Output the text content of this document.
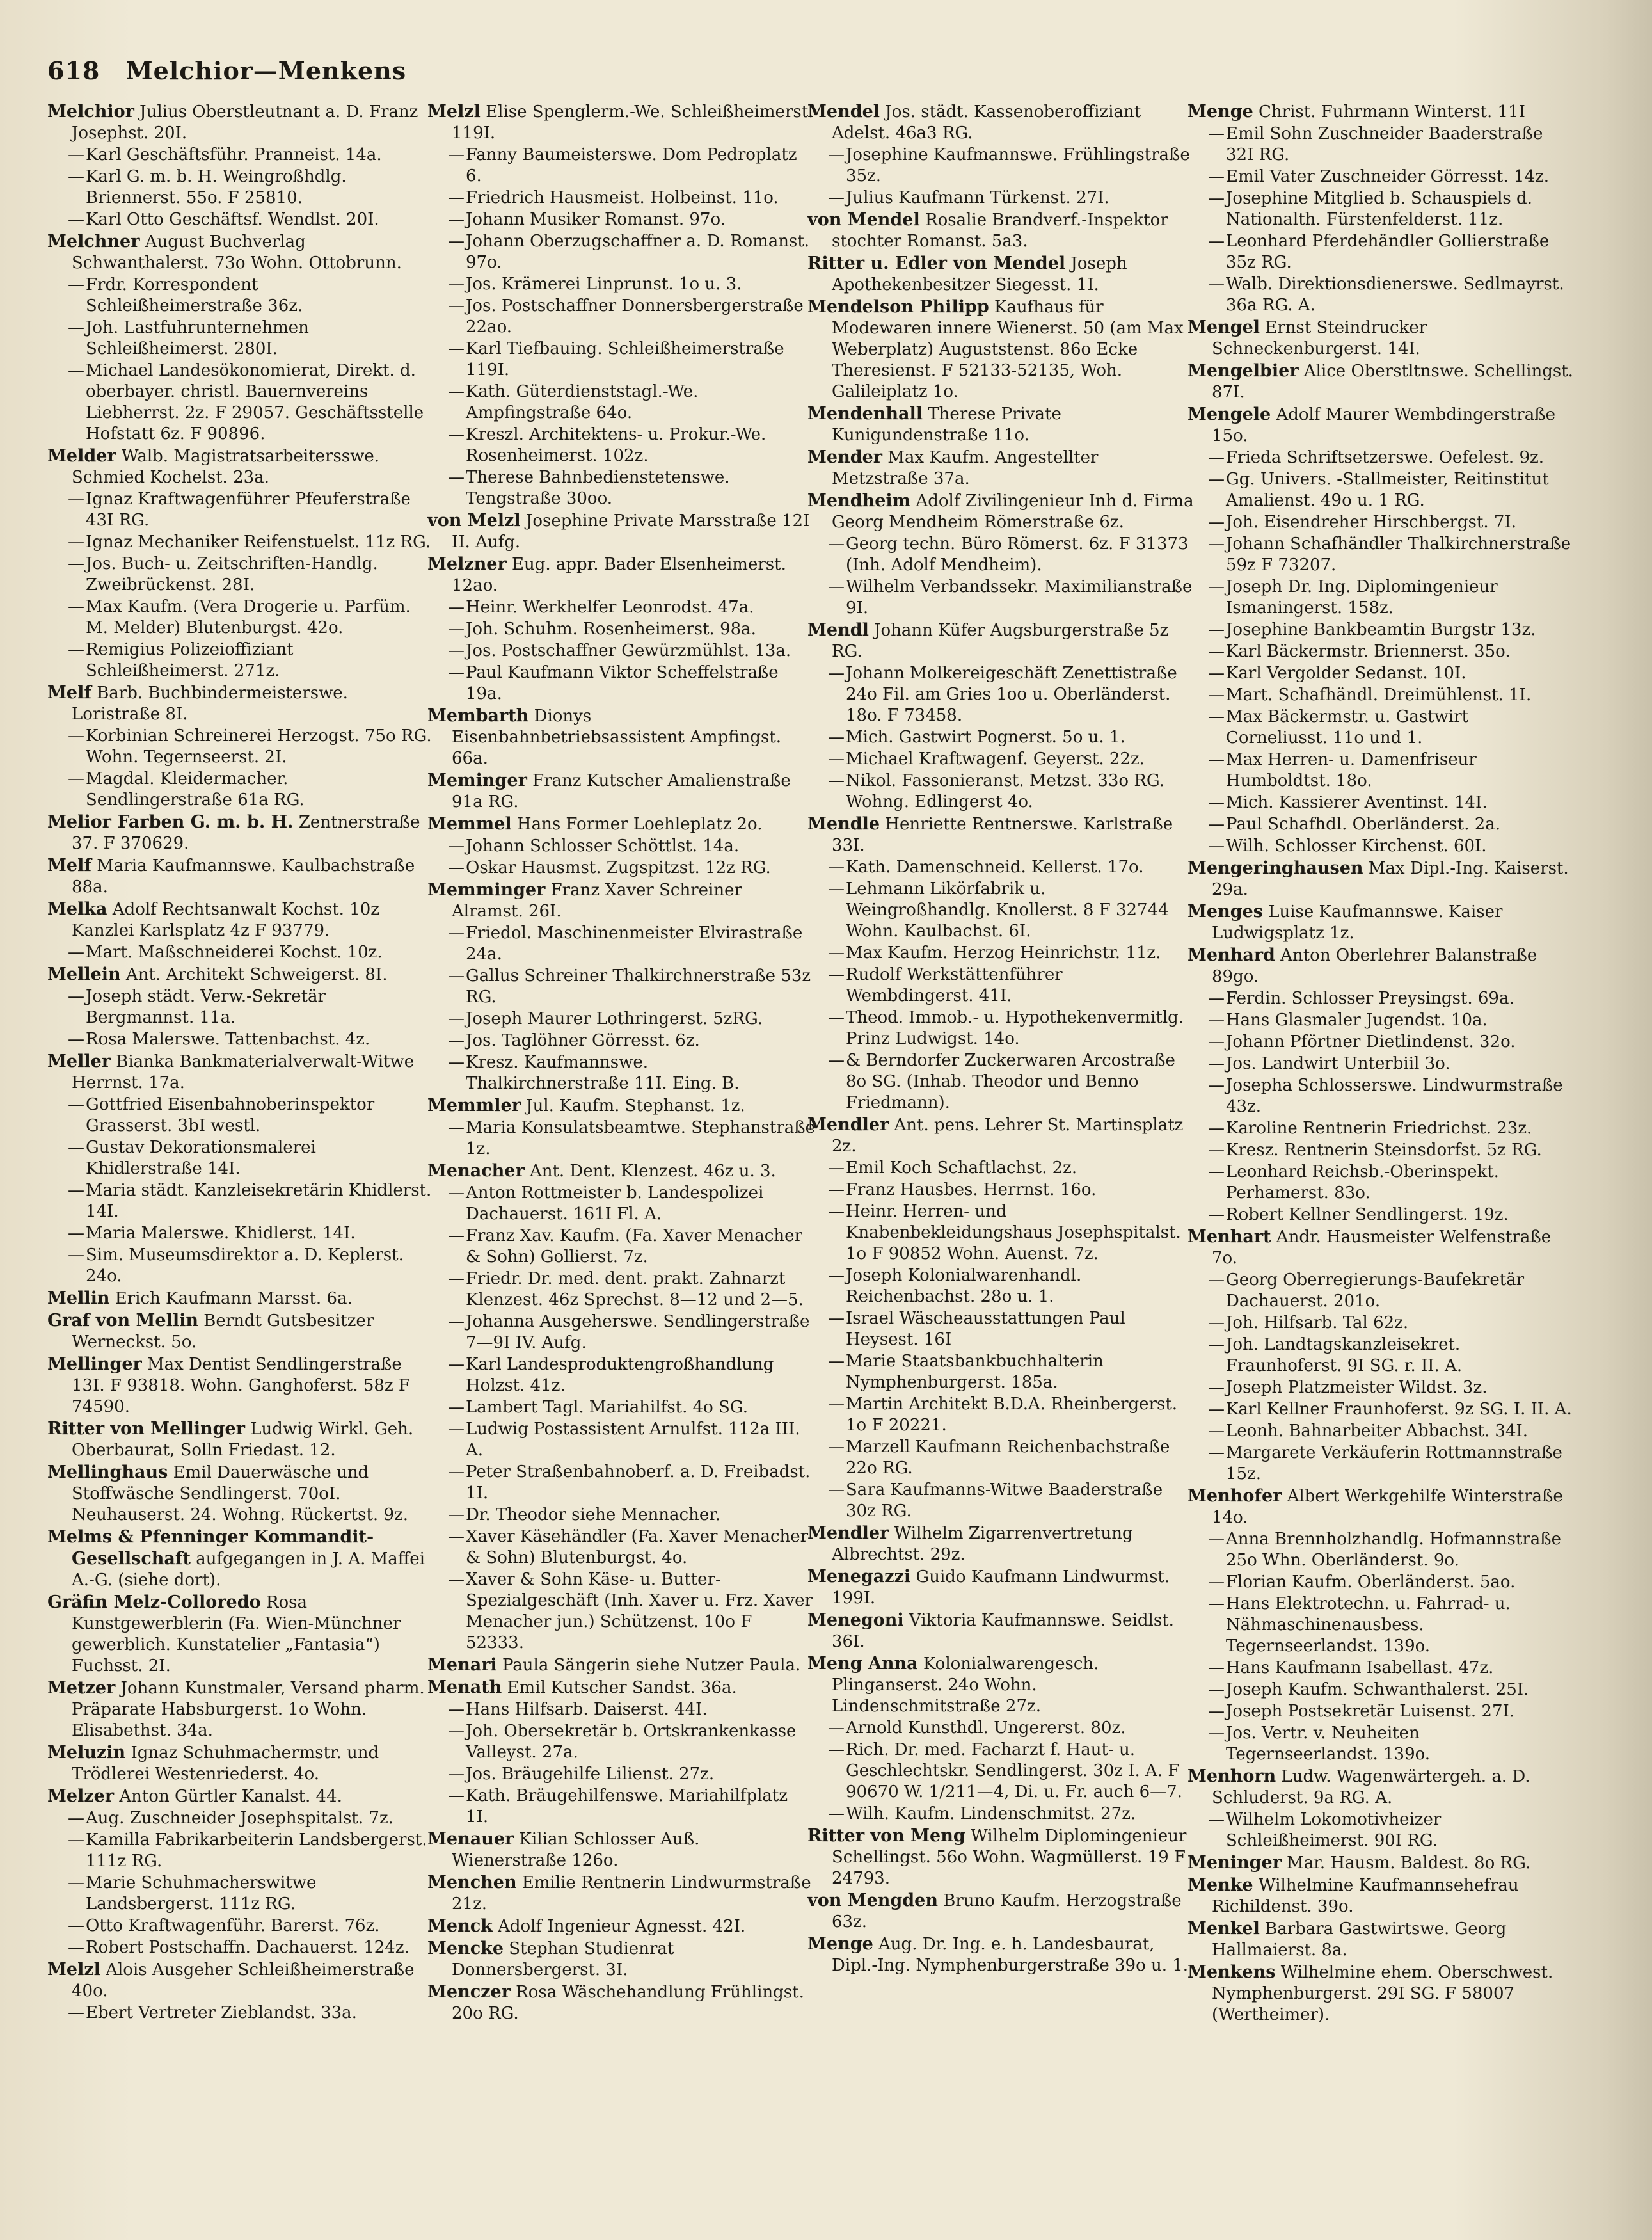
618 Melchior—Menkens
Melchior Julius Oberstleutnant a. D. Franz Josephst. 20I.
—Karl Geschäftsführ. Pranneist. 14a.
—Karl G. m. b. H. Weingroßhdlg. Briennerst. 55o. F 25810.
—Karl Otto Geschäftsf. Wendlst. 20I.
Melchner August Buchverlag Schwanthalerst. 73o Wohn. Ottobrunn.
—Frdr. Korrespondent Schleißheimerstraße 36z.
—Joh. Lastfuhrunternehmen Schleißheimerst. 280I.
—Michael Landesökonomierat, Direkt. d. oberbayer. christl. Bauernvereins Liebherrst. 2z. F 29057. Geschäftsstelle Hofstatt 6z. F 90896.
Melder Walb. Magistratsarbeitersswe. Schmied Kochelst. 23a.
—Ignaz Kraftwagenführer Pfeuferstraße 43I RG.
—Ignaz Mechaniker Reifenstuelst. 11z RG.
—Jos. Buch- u. Zeitschriften-Handlg. Zweibrückenst. 28I.
—Max Kaufm. (Vera Drogerie u. Parfüm. M. Melder) Blutenburgst. 42o.
—Remigius Polizeioffiziant Schleißheimerst. 271z.
Melf Barb. Buchbindermeisterswe. Loristraße 8I.
—Korbinian Schreinerei Herzogst. 75o RG. Wohn. Tegernseerst. 2I.
—Magdal. Kleidermacher. Sendlingerstraße 61a RG.
Melior Farben G. m. b. H. Zentnerstraße 37. F 370629.
Melf Maria Kaufmannswe. Kaulbachstraße 88a.
Melka Adolf Rechtsanwalt Kochst. 10z Kanzlei Karlsplatz 4z F 93779.
—Mart. Maßschneiderei Kochst. 10z.
Mellein Ant. Architekt Schweigerst. 8I.
—Joseph städt. Verw.-Sekretär Bergmannst. 11a.
—Rosa Malerswe. Tattenbachst. 4z.
Meller Bianka Bankmaterialverwalt-Witwe Herrnst. 17a.
—Gottfried Eisenbahnoberinspektor Grasserst. 3bI westl.
—Gustav Dekorationsmalerei Khidlerstraße 14I.
—Maria städt. Kanzleisekretärin Khidlerst. 14I.
—Maria Malerswe. Khidlerst. 14I.
—Sim. Museumsdirektor a. D. Keplerst. 24o.
Mellin Erich Kaufmann Marsst. 6a.
Graf von Mellin Berndt Gutsbesitzer Werneckst. 5o.
Mellinger Max Dentist Sendlingerstraße 13I. F 93818. Wohn. Ganghoferst. 58z F 74590.
Ritter von Mellinger Ludwig Wirkl. Geh. Oberbaurat, Solln Friedast. 12.
Mellinghaus Emil Dauerwäsche und Stoffwäsche Sendlingerst. 70oI. Neuhauserst. 24. Wohng. Rückertst. 9z.
Melms & Pfenninger Kommandit-Gesellschaft aufgegangen in J. A. Maffei A.-G. (siehe dort).
Gräfin Melz-Colloredo Rosa Kunstgewerblerin (Fa. Wien-Münchner gewerblich. Kunstatelier „Fantasia“) Fuchsst. 2I.
Metzer Johann Kunstmaler, Versand pharm. Präparate Habsburgerst. 1o Wohn. Elisabethst. 34a.
Meluzin Ignaz Schuhmachermstr. und Trödlerei Westenriederst. 4o.
Melzer Anton Gürtler Kanalst. 44.
—Aug. Zuschneider Josephspitalst. 7z.
—Kamilla Fabrikarbeiterin Landsbergerst. 111z RG.
—Marie Schuhmacherswitwe Landsbergerst. 111z RG.
—Otto Kraftwagenführ. Barerst. 76z.
—Robert Postschaffn. Dachauerst. 124z.
Melzl Alois Ausgeher Schleißheimerstraße 40o.
—Ebert Vertreter Zieblandst. 33a.
Melzl Elise Spenglerm.-We. Schleißheimerst. 119I.
—Fanny Baumeisterswe. Dom Pedroplatz 6.
—Friedrich Hausmeist. Holbeinst. 11o.
—Johann Musiker Romanst. 97o.
—Johann Oberzugschaffner a. D. Romanst. 97o.
—Jos. Krämerei Linprunst. 1o u. 3.
—Jos. Postschaffner Donnersbergerstraße 22ao.
—Karl Tiefbauing. Schleißheimerstraße 119I.
—Kath. Güterdienststagl.-We. Ampfingstraße 64o.
—Kreszl. Architektens- u. Prokur.-We. Rosenheimerst. 102z.
—Therese Bahnbedienstetenswe. Tengstraße 30oo.
von Melzl Josephine Private Marsstraße 12I II. Aufg.
Melzner Eug. appr. Bader Elsenheimerst. 12ao.
—Heinr. Werkhelfer Leonrodst. 47a.
—Joh. Schuhm. Rosenheimerst. 98a.
—Jos. Postschaffner Gewürzmühlst. 13a.
—Paul Kaufmann Viktor Scheffelstraße 19a.
Membarth Dionys Eisenbahnbetriebsassistent Ampfingst. 66a.
Meminger Franz Kutscher Amalienstraße 91a RG.
Memmel Hans Former Loehleplatz 2o.
—Johann Schlosser Schöttlst. 14a.
—Oskar Hausmst. Zugspitzst. 12z RG.
Memminger Franz Xaver Schreiner Alramst. 26I.
—Friedol. Maschinenmeister Elvirastraße 24a.
—Gallus Schreiner Thalkirchnerstraße 53z RG.
—Joseph Maurer Lothringerst. 5zRG.
—Jos. Taglöhner Görresst. 6z.
—Kresz. Kaufmannswe. Thalkirchnerstraße 11I. Eing. B.
Memmler Jul. Kaufm. Stephanst. 1z.
—Maria Konsulatsbeamtwe. Stephanstraße 1z.
Menacher Ant. Dent. Klenzest. 46z u. 3.
—Anton Rottmeister b. Landespolizei Dachauerst. 161I Fl. A.
—Franz Xav. Kaufm. (Fa. Xaver Menacher & Sohn) Gollierst. 7z.
—Friedr. Dr. med. dent. prakt. Zahnarzt Klenzest. 46z Sprechst. 8—12 und 2—5.
—Johanna Ausgeherswe. Sendlingerstraße 7—9I IV. Aufg.
—Karl Landesproduktengroßhandlung Holzst. 41z.
—Lambert Tagl. Mariahilfst. 4o SG.
—Ludwig Postassistent Arnulfst. 112a III. A.
—Peter Straßenbahnoberf. a. D. Freibadst. 1I.
—Dr. Theodor siehe Mennacher.
—Xaver Käsehändler (Fa. Xaver Menacher & Sohn) Blutenburgst. 4o.
—Xaver & Sohn Käse- u. Butter-Spezialgeschäft (Inh. Xaver u. Frz. Xaver Menacher jun.) Schützenst. 10o F 52333.
Menari Paula Sängerin siehe Nutzer Paula.
Menath Emil Kutscher Sandst. 36a.
—Hans Hilfsarb. Daiserst. 44I.
—Joh. Obersekretär b. Ortskrankenkasse Valleyst. 27a.
—Jos. Bräugehilfe Lilienst. 27z.
—Kath. Bräugehilfenswe. Mariahilfplatz 1I.
Menauer Kilian Schlosser Auß. Wienerstraße 126o.
Menchen Emilie Rentnerin Lindwurmstraße 21z.
Menck Adolf Ingenieur Agnesst. 42I.
Mencke Stephan Studienrat Donnersbergerst. 3I.
Menczer Rosa Wäschehandlung Frühlingst. 20o RG.
Mendel Jos. städt. Kassenoberoffiziant Adelst. 46a3 RG.
—Josephine Kaufmannswe. Frühlingstraße 35z.
—Julius Kaufmann Türkenst. 27I.
von Mendel Rosalie Brandverf.-Inspektor stochter Romanst. 5a3.
Ritter u. Edler von Mendel Joseph Apothekenbesitzer Siegesst. 1I.
Mendelson Philipp Kaufhaus für Modewaren innere Wienerst. 50 (am Max Weberplatz) Auguststenst. 86o Ecke Theresienst. F 52133-52135, Woh. Galileiplatz 1o.
Mendenhall Therese Private Kunigundenstraße 11o.
Mender Max Kaufm. Angestellter Metzstraße 37a.
Mendheim Adolf Zivilingenieur Inh d. Firma Georg Mendheim Römerstraße 6z.
—Georg techn. Büro Römerst. 6z. F 31373 (Inh. Adolf Mendheim).
—Wilhelm Verbandssekr. Maximilianstraße 9I.
Mendl Johann Küfer Augsburgerstraße 5z RG.
—Johann Molkereigeschäft Zenettistraße 24o Fil. am Gries 1oo u. Oberländerst. 18o. F 73458.
—Mich. Gastwirt Pognerst. 5o u. 1.
—Michael Kraftwagenf. Geyerst. 22z.
—Nikol. Fassonieranst. Metzst. 33o RG. Wohng. Edlingerst 4o.
Mendle Henriette Rentnerswe. Karlstraße 33I.
—Kath. Damenschneid. Kellerst. 17o.
—Lehmann Likörfabrik u. Weingroßhandlg. Knollerst. 8 F 32744 Wohn. Kaulbachst. 6I.
—Max Kaufm. Herzog Heinrichstr. 11z.
—Rudolf Werkstättenführer Wembdingerst. 41I.
—Theod. Immob.- u. Hypothekenvermitlg. Prinz Ludwigst. 14o.
—& Berndorfer Zuckerwaren Arcostraße 8o SG. (Inhab. Theodor und Benno Friedmann).
Mendler Ant. pens. Lehrer St. Martinsplatz 2z.
—Emil Koch Schaftlachst. 2z.
—Franz Hausbes. Herrnst. 16o.
—Heinr. Herren- und Knabenbekleidungshaus Josephspitalst. 1o F 90852 Wohn. Auenst. 7z.
—Joseph Kolonialwarenhandl. Reichenbachst. 28o u. 1.
—Israel Wäscheausstattungen Paul Heysest. 16I
—Marie Staatsbankbuchhalterin Nymphenburgerst. 185a.
—Martin Architekt B.D.A. Rheinbergerst. 1o F 20221.
—Marzell Kaufmann Reichenbachstraße 22o RG.
—Sara Kaufmanns-Witwe Baaderstraße 30z RG.
Mendler Wilhelm Zigarrenvertretung Albrechtst. 29z.
Menegazzi Guido Kaufmann Lindwurmst. 199I.
Menegoni Viktoria Kaufmannswe. Seidlst. 36I.
Meng Anna Kolonialwarengesch. Plinganserst. 24o Wohn. Lindenschmitstraße 27z.
—Arnold Kunsthdl. Ungererst. 80z.
—Rich. Dr. med. Facharzt f. Haut- u. Geschlechtskr. Sendlingerst. 30z I. A. F 90670 W. 1/211—4, Di. u. Fr. auch 6—7.
—Wilh. Kaufm. Lindenschmitst. 27z.
Ritter von Meng Wilhelm Diplomingenieur Schellingst. 56o Wohn. Wagmüllerst. 19 F 24793.
von Mengden Bruno Kaufm. Herzogstraße 63z.
Menge Aug. Dr. Ing. e. h. Landesbaurat, Dipl.-Ing. Nymphenburgerstraße 39o u. 1.
Menge Christ. Fuhrmann Winterst. 11I
—Emil Sohn Zuschneider Baaderstraße 32I RG.
—Emil Vater Zuschneider Görresst. 14z.
—Josephine Mitglied b. Schauspiels d. Nationalth. Fürstenfelderst. 11z.
—Leonhard Pferdehändler Gollierstraße 35z RG.
—Walb. Direktionsdienerswe. Sedlmayrst. 36a RG. A.
Mengel Ernst Steindrucker Schneckenburgerst. 14I.
Mengelbier Alice Oberstltnswe. Schellingst. 87I.
Mengele Adolf Maurer Wembdingerstraße 15o.
—Frieda Schriftsetzerswe. Oefelest. 9z.
—Gg. Univers. -Stallmeister, Reitinstitut Amalienst. 49o u. 1 RG.
—Joh. Eisendreher Hirschbergst. 7I.
—Johann Schafhändler Thalkirchnerstraße 59z F 73207.
—Joseph Dr. Ing. Diplomingenieur Ismaningerst. 158z.
—Josephine Bankbeamtin Burgstr 13z.
—Karl Bäckermstr. Briennerst. 35o.
—Karl Vergolder Sedanst. 10I.
—Mart. Schafhändl. Dreimühlenst. 1I.
—Max Bäckermstr. u. Gastwirt Corneliusst. 11o und 1.
—Max Herren- u. Damenfriseur Humboldtst. 18o.
—Mich. Kassierer Aventinst. 14I.
—Paul Schafhdl. Oberländerst. 2a.
—Wilh. Schlosser Kirchenst. 60I.
Mengeringhausen Max Dipl.-Ing. Kaiserst. 29a.
Menges Luise Kaufmannswe. Kaiser Ludwigsplatz 1z.
Menhard Anton Oberlehrer Balanstraße 89go.
—Ferdin. Schlosser Preysingst. 69a.
—Hans Glasmaler Jugendst. 10a.
—Johann Pförtner Dietlindenst. 32o.
—Jos. Landwirt Unterbiil 3o.
—Josepha Schlosserswe. Lindwurmstraße 43z.
—Karoline Rentnerin Friedrichst. 23z.
—Kresz. Rentnerin Steinsdorfst. 5z RG.
—Leonhard Reichsb.-Oberinspekt. Perhamerst. 83o.
—Robert Kellner Sendlingerst. 19z.
Menhart Andr. Hausmeister Welfenstraße 7o.
—Georg Oberregierungs-Baufekretär Dachauerst. 201o.
—Joh. Hilfsarb. Tal 62z.
—Joh. Landtagskanzleisekret. Fraunhoferst. 9I SG. r. II. A.
—Joseph Platzmeister Wildst. 3z.
—Karl Kellner Fraunhoferst. 9z SG. I. II. A.
—Leonh. Bahnarbeiter Abbachst. 34I.
—Margarete Verkäuferin Rottmannstraße 15z.
Menhofer Albert Werkgehilfe Winterstraße 14o.
—Anna Brennholzhandlg. Hofmannstraße 25o Whn. Oberländerst. 9o.
—Florian Kaufm. Oberländerst. 5ao.
—Hans Elektrotechn. u. Fahrrad- u. Nähmaschinenausbess. Tegernseerlandst. 139o.
—Hans Kaufmann Isabellast. 47z.
—Joseph Kaufm. Schwanthalerst. 25I.
—Joseph Postsekretär Luisenst. 27I.
—Jos. Vertr. v. Neuheiten Tegernseerlandst. 139o.
Menhorn Ludw. Wagenwärtergeh. a. D. Schluderst. 9a RG. A.
—Wilhelm Lokomotivheizer Schleißheimerst. 90I RG.
Meninger Mar. Hausm. Baldest. 8o RG.
Menke Wilhelmine Kaufmannsehefrau Richildenst. 39o.
Menkel Barbara Gastwirtswe. Georg Hallmaierst. 8a.
Menkens Wilhelmine ehem. Oberschwest. Nymphenburgerst. 29I SG. F 58007 (Wertheimer).
